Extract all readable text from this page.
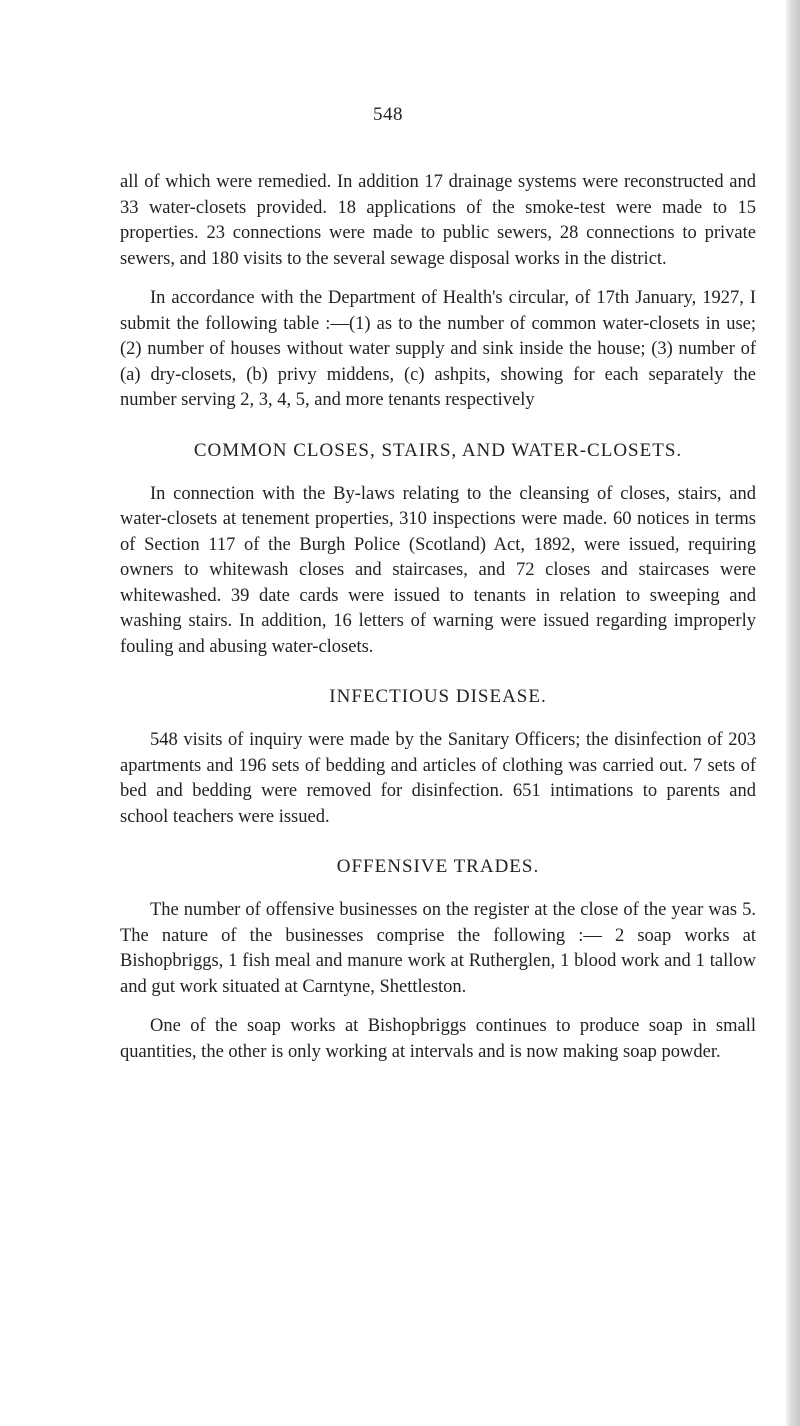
548

all of which were remedied. In addition 17 drainage systems were reconstructed and 33 water-closets provided. 18 applications of the smoke-test were made to 15 properties. 23 connections were made to public sewers, 28 connections to private sewers, and 180 visits to the several sewage disposal works in the district.

In accordance with the Department of Health's circular, of 17th January, 1927, I submit the following table :—(1) as to the number of common water-closets in use; (2) number of houses without water supply and sink inside the house; (3) number of (a) dry-closets, (b) privy middens, (c) ashpits, showing for each separately the number serving 2, 3, 4, 5, and more tenants respectively

COMMON CLOSES, STAIRS, AND WATER-CLOSETS.

In connection with the By-laws relating to the cleansing of closes, stairs, and water-closets at tenement properties, 310 inspections were made. 60 notices in terms of Section 117 of the Burgh Police (Scotland) Act, 1892, were issued, requiring owners to whitewash closes and staircases, and 72 closes and staircases were whitewashed. 39 date cards were issued to tenants in relation to sweeping and washing stairs. In addition, 16 letters of warning were issued regarding improperly fouling and abusing water-closets.

INFECTIOUS DISEASE.

548 visits of inquiry were made by the Sanitary Officers; the disinfection of 203 apartments and 196 sets of bedding and articles of clothing was carried out. 7 sets of bed and bedding were removed for disinfection. 651 intimations to parents and school teachers were issued.

OFFENSIVE TRADES.

The number of offensive businesses on the register at the close of the year was 5. The nature of the businesses comprise the following :— 2 soap works at Bishopbriggs, 1 fish meal and manure work at Rutherglen, 1 blood work and 1 tallow and gut work situated at Carntyne, Shettleston.

One of the soap works at Bishopbriggs continues to produce soap in small quantities, the other is only working at intervals and is now making soap powder.
